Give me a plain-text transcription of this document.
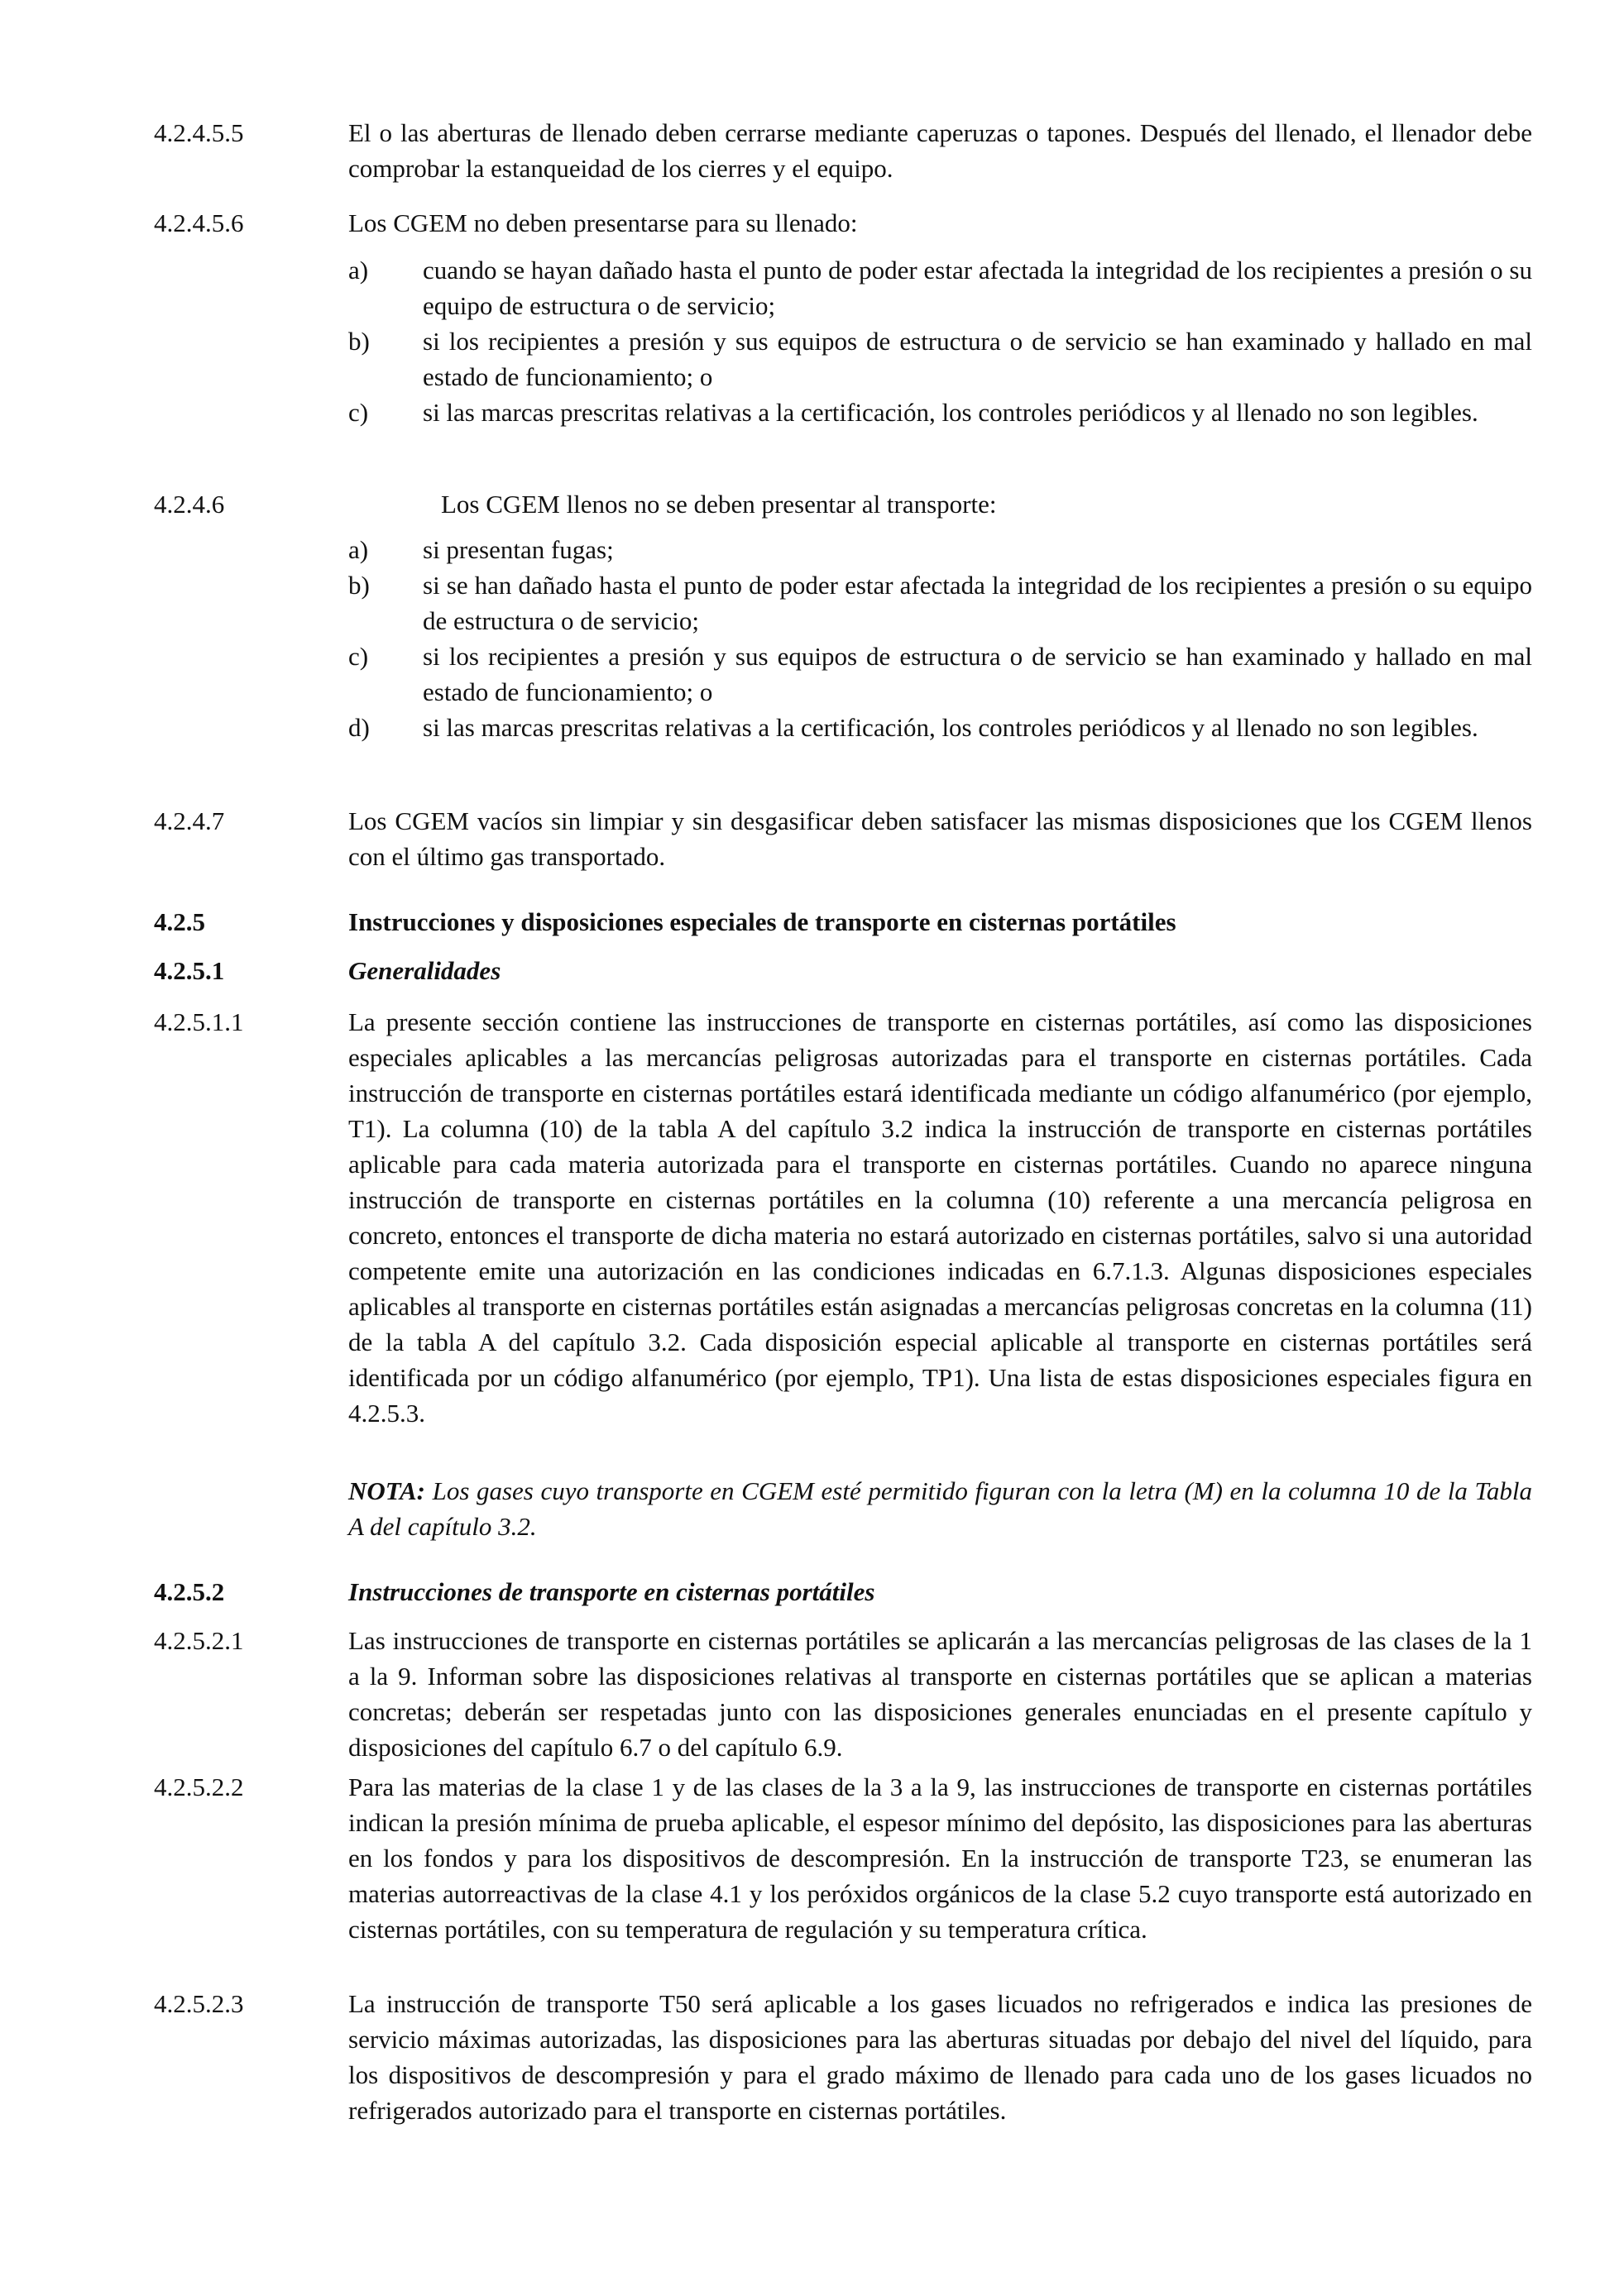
4.2.4.5.5	El o las aberturas de llenado deben cerrarse mediante caperuzas o tapones. Después del llenado, el llenador debe comprobar la estanqueidad de los cierres y el equipo.
4.2.4.5.6	Los CGEM no deben presentarse para su llenado:
a)	cuando se hayan dañado hasta el punto de poder estar afectada la integridad de los recipientes a presión o su equipo de estructura o de servicio;
b)	si los recipientes a presión y sus equipos de estructura o de servicio se han examinado y hallado en mal estado de funcionamiento; o
c)	si las marcas prescritas relativas a la certificación, los controles periódicos y al llenado no son legibles.
4.2.4.6	Los CGEM llenos no se deben presentar al transporte:
a)	si presentan fugas;
b)	si se han dañado hasta el punto de poder estar afectada la integridad de los recipientes a presión o su equipo de estructura o de servicio;
c)	si los recipientes a presión y sus equipos de estructura o de servicio se han examinado y hallado en mal estado de funcionamiento; o
d)	si las marcas prescritas relativas a la certificación, los controles periódicos y al llenado no son legibles.
4.2.4.7	Los CGEM vacíos sin limpiar y sin desgasificar deben satisfacer las mismas disposiciones que los CGEM llenos con el último gas transportado.
4.2.5	Instrucciones y disposiciones especiales de transporte en cisternas portátiles
4.2.5.1	Generalidades
4.2.5.1.1	La presente sección contiene las instrucciones de transporte en cisternas portátiles, así como las disposiciones especiales aplicables a las mercancías peligrosas autorizadas para el transporte en cisternas portátiles. Cada instrucción de transporte en cisternas portátiles estará identificada mediante un código alfanumérico (por ejemplo, T1). La columna (10) de la tabla A del capítulo 3.2 indica la instrucción de transporte en cisternas portátiles aplicable para cada materia autorizada para el transporte en cisternas portátiles. Cuando no aparece ninguna instrucción de transporte en cisternas portátiles en la columna (10) referente a una mercancía peligrosa en concreto, entonces el transporte de dicha materia no estará autorizado en cisternas portátiles, salvo si una autoridad competente emite una autorización en las condiciones indicadas en 6.7.1.3. Algunas disposiciones especiales aplicables al transporte en cisternas portátiles están asignadas a mercancías peligrosas concretas en la columna (11) de la tabla A del capítulo 3.2. Cada disposición especial aplicable al transporte en cisternas portátiles será identificada por un código alfanumérico (por ejemplo, TP1). Una lista de estas disposiciones especiales figura en 4.2.5.3.
NOTA: Los gases cuyo transporte en CGEM esté permitido figuran con la letra (M) en la columna 10 de la Tabla A del capítulo 3.2.
4.2.5.2	Instrucciones de transporte en cisternas portátiles
4.2.5.2.1	Las instrucciones de transporte en cisternas portátiles se aplicarán a las mercancías peligrosas de las clases de la 1 a la 9. Informan sobre las disposiciones relativas al transporte en cisternas portátiles que se aplican a materias concretas; deberán ser respetadas junto con las disposiciones generales enunciadas en el presente capítulo y disposiciones del capítulo 6.7 o del capítulo 6.9.
4.2.5.2.2	Para las materias de la clase 1 y de las clases de la 3 a la 9, las instrucciones de transporte en cisternas portátiles indican la presión mínima de prueba aplicable, el espesor mínimo del depósito, las disposiciones para las aberturas en los fondos y para los dispositivos de descompresión. En la instrucción de transporte T23, se enumeran las materias autorreactivas de la clase 4.1 y los peróxidos orgánicos de la clase 5.2 cuyo transporte está autorizado en cisternas portátiles, con su temperatura de regulación y su temperatura crítica.
4.2.5.2.3	La instrucción de transporte T50 será aplicable a los gases licuados no refrigerados e indica las presiones de servicio máximas autorizadas, las disposiciones para las aberturas situadas por debajo del nivel del líquido, para los dispositivos de descompresión y para el grado máximo de llenado para cada uno de los gases licuados no refrigerados autorizado para el transporte en cisternas portátiles.
